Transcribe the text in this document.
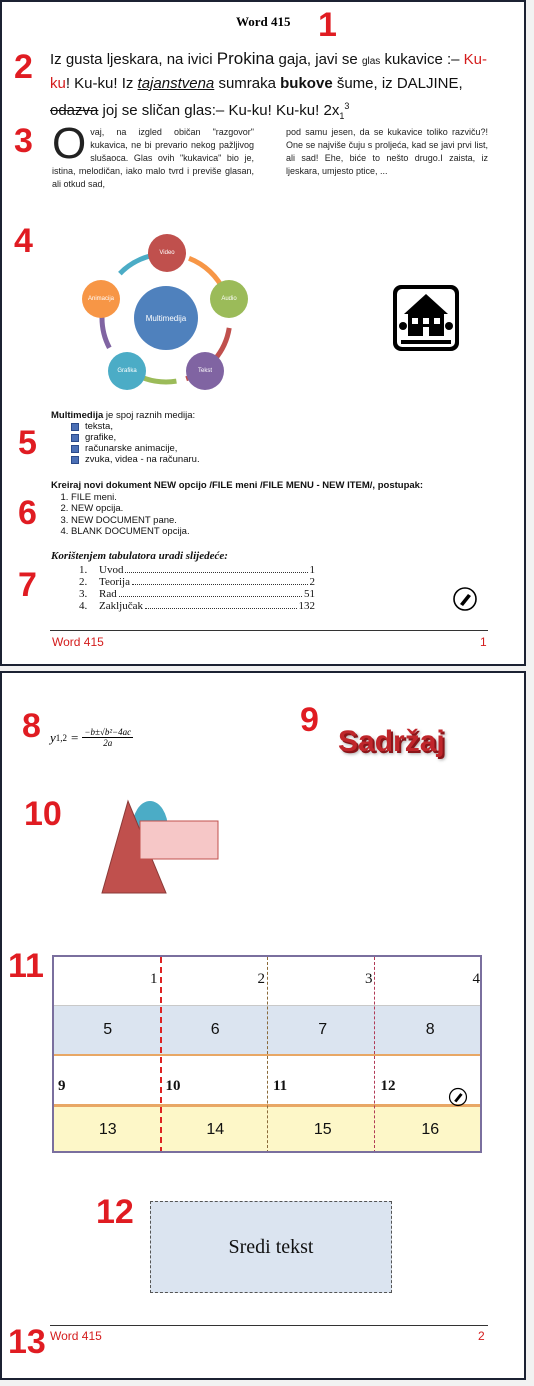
Word 415 1
2
3
4
5
6
7
Iz gusta ljeskara, na ivici Prokina gaja, javi se glas kukavice :– Ku-ku! Ku-ku! Iz tajanstvena sumraka bukove šume, iz DALJINE, odazva joj se sličan glas:– Ku-ku! Ku-ku! $2x_1^3$
Ovaj, na izgled običan "razgovor" kukavica, ne bi prevario nekog pažljivog slušaoca. Glas ovih "kukavica" bio je, istina, melodičan, iako malo tvrd i previše glasan, ali otkud sad,
pod samu jesen, da se kukavice toliko razviču?! One se najviše čuju s proljeća, kad se javi prvi list, ali sad! Ehe, biće to nešto drugo.I zaista, iz ljeskara, umjesto ptice, ...
Multimedija
Video
Audio
Tekst
Grafika
Animacija
Multimedija je spoj raznih medija:
teksta,
grafike,
računarske animacije,
zvuka, videa - na računaru.
Kreiraj novi dokument NEW opcijo /FILE meni /FILE MENU - NEW ITEM/, postupak:
1. FILE meni.
2. NEW opcija.
3. NEW DOCUMENT pane.
4. BLANK DOCUMENT opcija.
Korištenjem tabulatora uradi slijedeće:
1.	Uvod	1
2.	Teorija	2
3.	Rad	51
4.	Zaključak	132
Word 415	1
8	9
10
11
12
13
y $1,2 = \frac{\text{−b±√b²−4ac}}{2a}$	Sadržaj
1	2	3	4
5	6	7	8
9	10	11	12
13	14	15	16
Sredi tekst
Word 415	2
